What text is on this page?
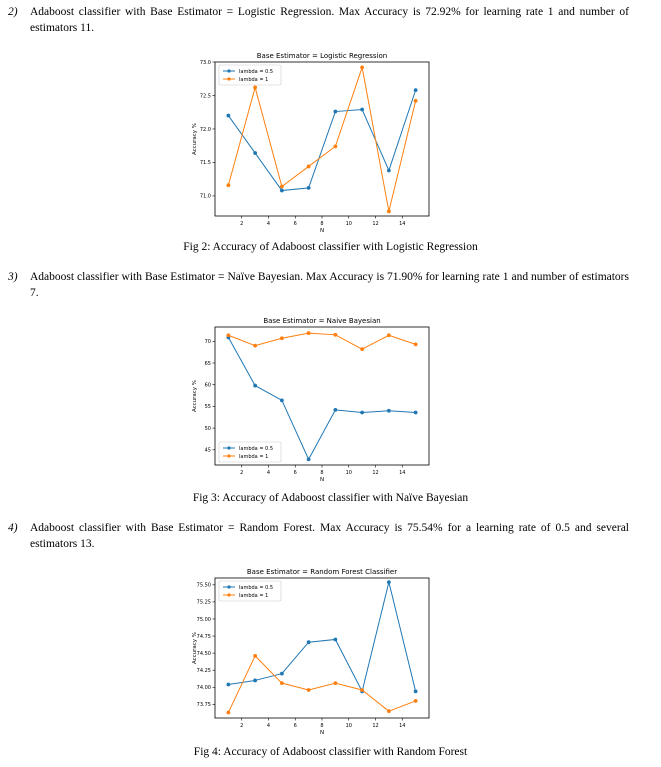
2) Adaboost classifier with Base Estimator = Logistic Regression. Max Accuracy is 72.92% for learning rate 1 and number of estimators 11.
Base Estimator = Logistic Regression
2	4	6	8	10	12	14
71.0
71.5
72.0
72.5
73.0
N
Accuracy %
lambda = 0.5
lambda = 1
Fig 2: Accuracy of Adaboost classifier with Logistic Regression
3) Adaboost classifier with Base Estimator = Naïve Bayesian. Max Accuracy is 71.90% for learning rate 1 and number of estimators 7.
Base Estimator = Naive Bayesian
2	4	6	8	10	12	14
45
50
55
60
65
70
N
Accuracy %
lambda = 0.5
lambda = 1
Fig 3: Accuracy of Adaboost classifier with Naïve Bayesian
4) Adaboost classifier with Base Estimator = Random Forest. Max Accuracy is 75.54% for a learning rate of 0.5 and several estimators 13.
Base Estimator = Random Forest Classifier
2	4	6	8	10	12	14
73.75
74.00
74.25
74.50
74.75
75.00
75.25
75.50
N
Accuracy %
lambda = 0.5
lambda = 1
Fig 4: Accuracy of Adaboost classifier with Random Forest
